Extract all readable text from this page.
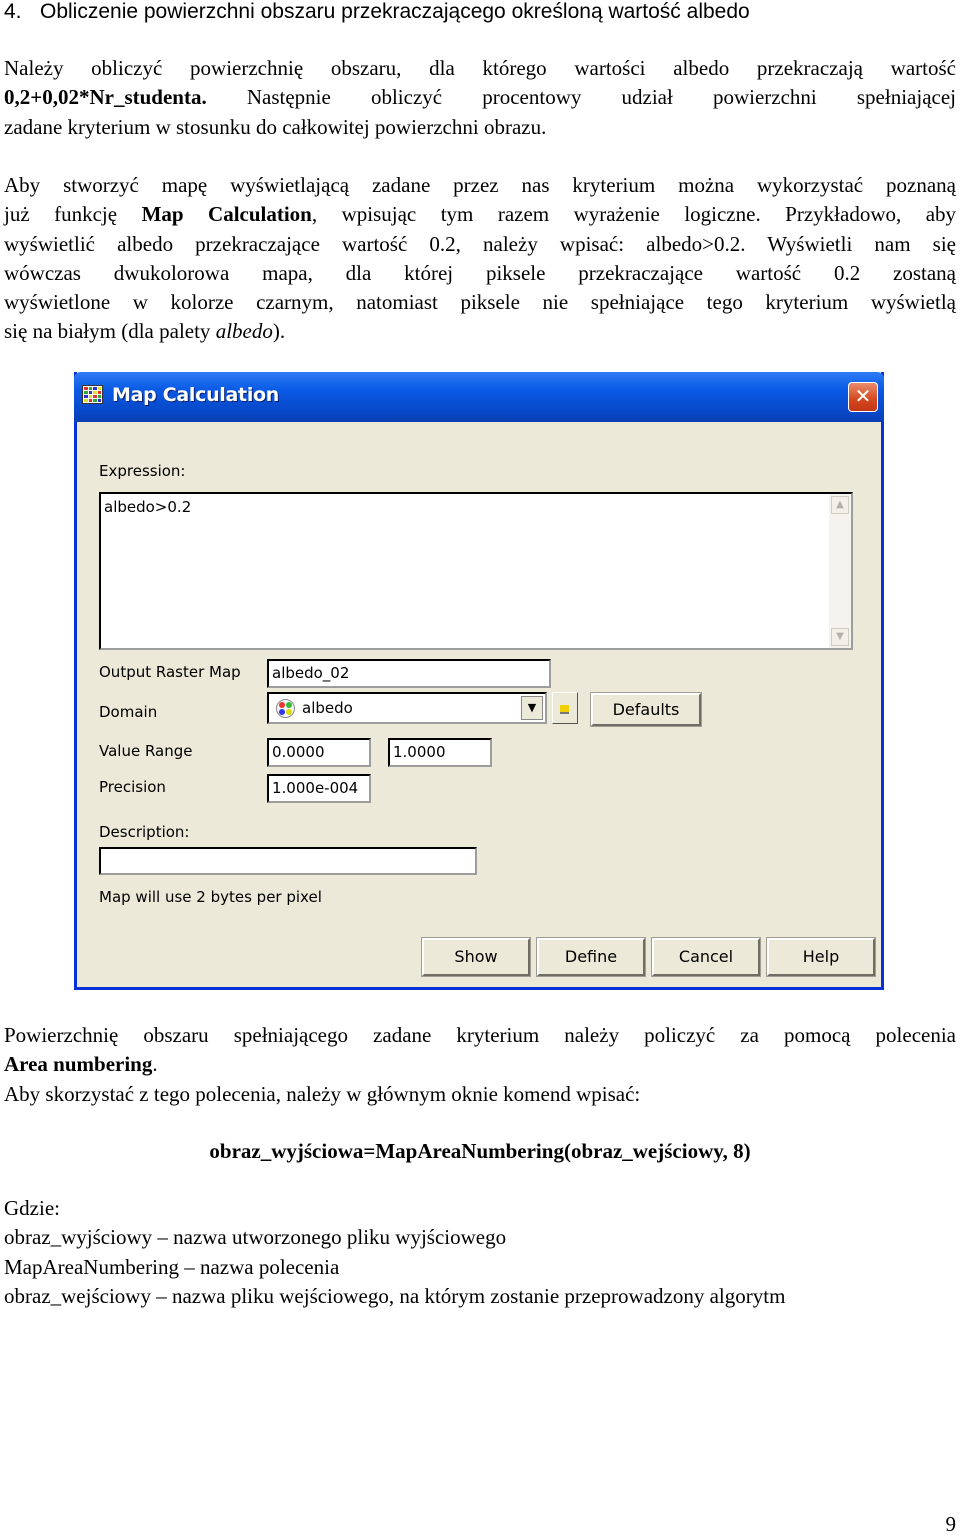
4. Obliczenie powierzchni obszaru przekraczającego określoną wartość albedo
Należy obliczyć powierzchnię obszaru, dla którego wartości albedo przekraczają wartość
0,2+0,02*Nr_studenta. Następnie obliczyć procentowy udział powierzchni spełniającej
zadane kryterium w stosunku do całkowitej powierzchni obrazu.
Aby stworzyć mapę wyświetlającą zadane przez nas kryterium można wykorzystać poznaną
już funkcję Map Calculation, wpisując tym razem wyrażenie logiczne. Przykładowo, aby
wyświetlić albedo przekraczające wartość 0.2, należy wpisać: albedo>0.2. Wyświetli nam się
wówczas dwukolorowa mapa, dla której piksele przekraczające wartość 0.2 zostaną
wyświetlone w kolorze czarnym, natomiast piksele nie spełniające tego kryterium wyświetlą
się na białym (dla palety albedo).
Map Calculation	✕
Expression:
albedo>0.2	▲
▼
Output Raster Map	albedo_02
Domain	albedo	▼	Defaults
Value Range	0.0000	1.0000
Precision	1.000e-004
Description:
Map will use 2 bytes per pixel
Show	Define	Cancel	Help
Powierzchnię obszaru spełniającego zadane kryterium należy policzyć za pomocą polecenia
Area numbering.
Aby skorzystać z tego polecenia, należy w głównym oknie komend wpisać:
obraz_wyjściowa=MapAreaNumbering(obraz_wejściowy, 8)
Gdzie:
obraz_wyjściowy – nazwa utworzonego pliku wyjściowego
MapAreaNumbering – nazwa polecenia
obraz_wejściowy – nazwa pliku wejściowego, na którym zostanie przeprowadzony algorytm
9
